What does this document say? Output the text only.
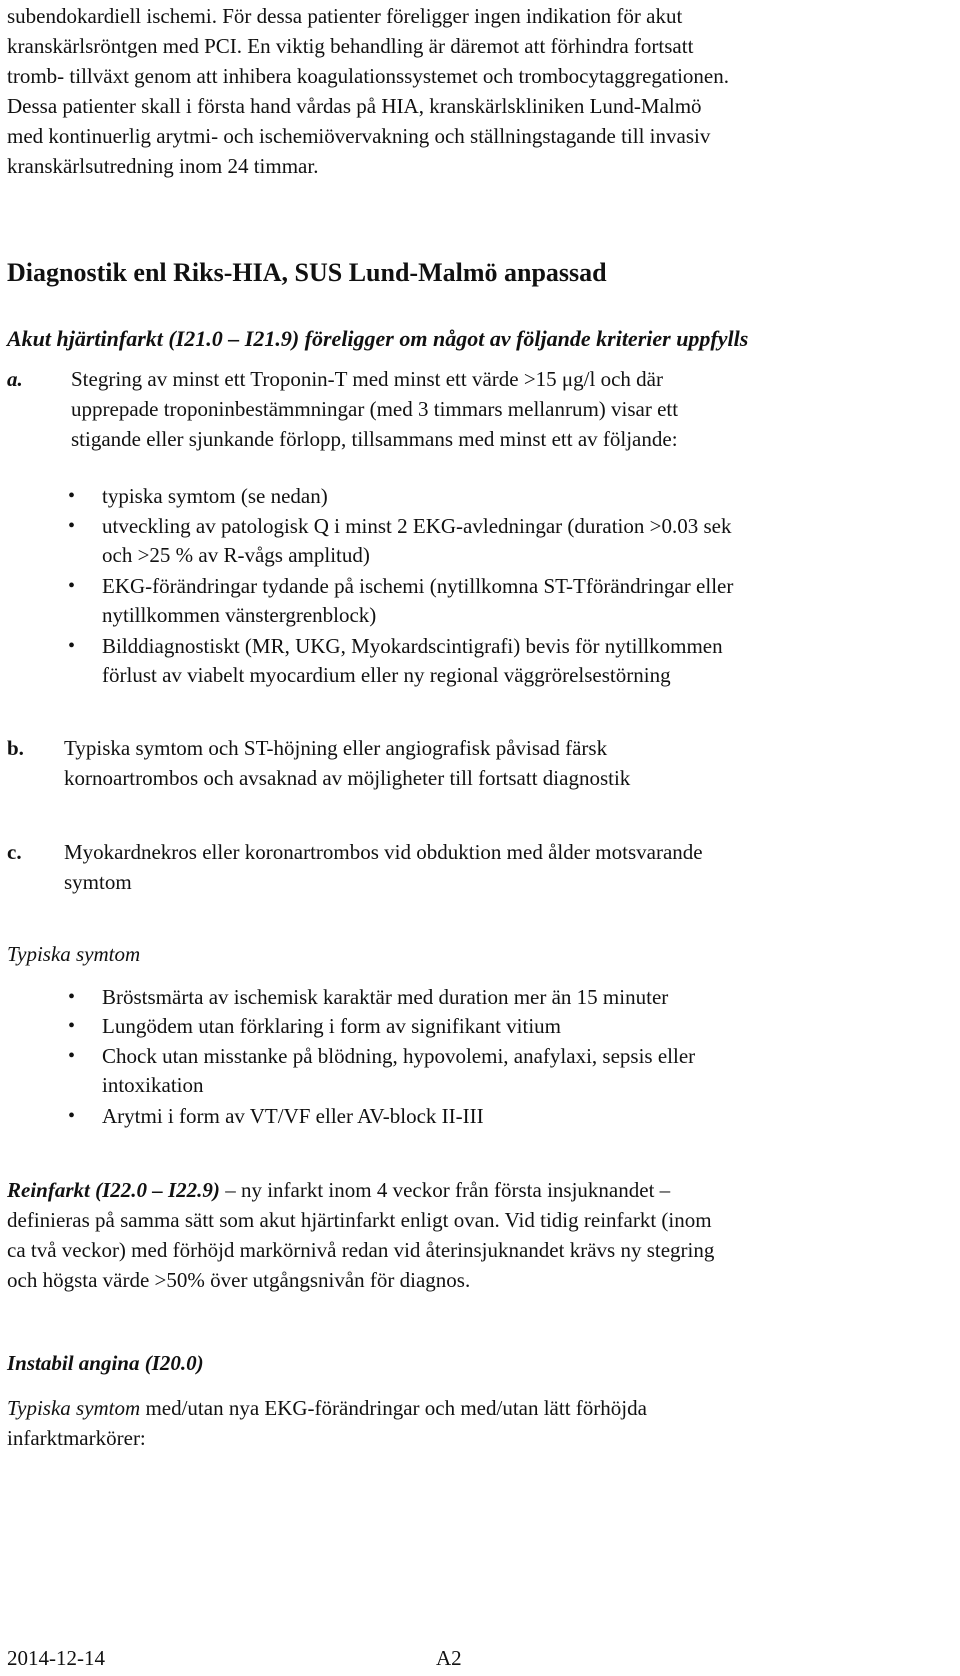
subendokardiell ischemi. För dessa patienter föreligger ingen indikation för akut
kranskärlsröntgen med PCI. En viktig behandling är däremot att förhindra fortsatt
tromb- tillväxt genom att inhibera koagulationssystemet och trombocytaggregationen.
Dessa patienter skall i första hand vårdas på HIA, kranskärlskliniken Lund-Malmö
med kontinuerlig arytmi- och ischemiövervakning och ställningstagande till invasiv
kranskärlsutredning inom 24 timmar.
Diagnostik enl Riks-HIA, SUS Lund-Malmö anpassad
Akut hjärtinfarkt (I21.0 – I21.9) föreligger om något av följande kriterier uppfylls
a. Stegring av minst ett Troponin-T med minst ett värde >15 μg/l och där
upprepade troponinbestämmningar (med 3 timmars mellanrum) visar ett
stigande eller sjunkande förlopp, tillsammans med minst ett av följande:
• typiska symtom (se nedan)
• utveckling av patologisk Q i minst 2 EKG-avledningar (duration >0.03 sek
och >25 % av R-vågs amplitud)
• EKG-förändringar tydande på ischemi (nytillkomna ST-Tförändringar eller
nytillkommen vänstergrenblock)
• Bilddiagnostiskt (MR, UKG, Myokardscintigrafi) bevis för nytillkommen
förlust av viabelt myocardium eller ny regional väggrörelsestörning
b. Typiska symtom och ST-höjning eller angiografisk påvisad färsk
kornoartrombos och avsaknad av möjligheter till fortsatt diagnostik
c. Myokardnekros eller koronartrombos vid obduktion med ålder motsvarande
symtom
Typiska symtom
• Bröstsmärta av ischemisk karaktär med duration mer än 15 minuter
• Lungödem utan förklaring i form av signifikant vitium
• Chock utan misstanke på blödning, hypovolemi, anafylaxi, sepsis eller
intoxikation
• Arytmi i form av VT/VF eller AV-block II-III
Reinfarkt (I22.0 – I22.9) – ny infarkt inom 4 veckor från första insjuknandet –
definieras på samma sätt som akut hjärtinfarkt enligt ovan. Vid tidig reinfarkt (inom
ca två veckor) med förhöjd markörnivå redan vid återinsjuknandet krävs ny stegring
och högsta värde >50% över utgångsnivån för diagnos.
Instabil angina (I20.0)
Typiska symtom med/utan nya EKG-förändringar och med/utan lätt förhöjda
infarktmarkörer:
2014-12-14	A2
